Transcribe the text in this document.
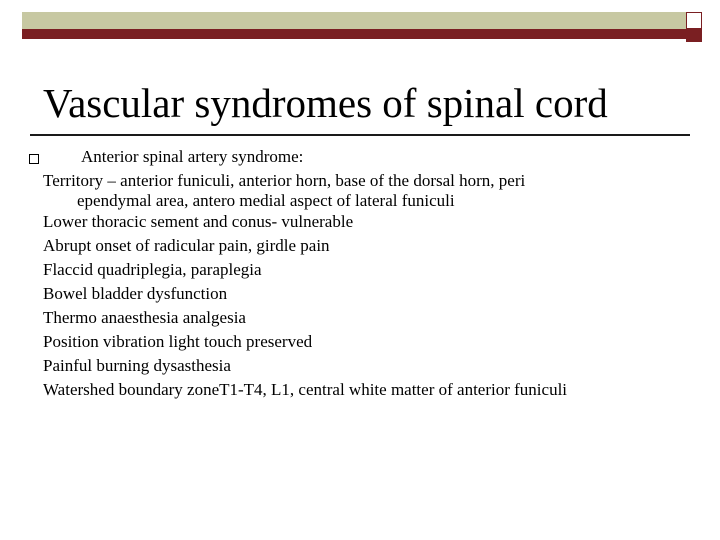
Vascular syndromes of spinal cord
Anterior spinal artery syndrome:
Territory – anterior funiculi, anterior horn, base of the dorsal horn, peri
ependymal area, antero medial aspect of lateral funiculi
Lower thoracic sement and conus- vulnerable
Abrupt onset of radicular pain, girdle pain
Flaccid quadriplegia, paraplegia
Bowel bladder dysfunction
Thermo anaesthesia analgesia
Position vibration light touch preserved
Painful burning dysasthesia
Watershed boundary zoneT1-T4, L1, central white matter of anterior funiculi
